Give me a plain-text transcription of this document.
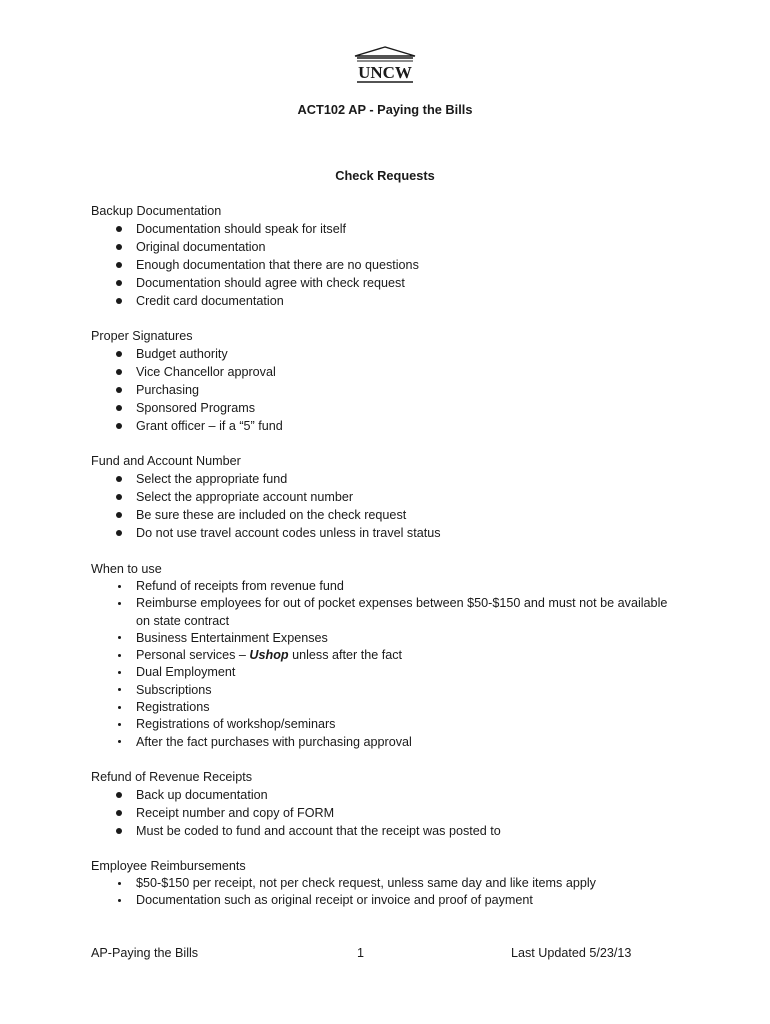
UNCW
ACT102 AP - Paying the Bills
Check Requests
Backup Documentation
Documentation should speak for itself
Original documentation
Enough documentation that there are no questions
Documentation should agree with check request
Credit card documentation
Proper Signatures
Budget authority
Vice Chancellor approval
Purchasing
Sponsored Programs
Grant officer – if a “5” fund
Fund and Account Number
Select the appropriate fund
Select the appropriate account number
Be sure these are included on the check request
Do not use travel account codes unless in travel status
When to use
Refund of receipts from revenue fund
Reimburse employees for out of pocket expenses between $50-$150 and must not be available
on state contract
Business Entertainment Expenses
Personal services – Ushop unless after the fact
Dual Employment
Subscriptions
Registrations
Registrations of workshop/seminars
After the fact purchases with purchasing approval
Refund of Revenue Receipts
Back up documentation
Receipt number and copy of FORM
Must be coded to fund and account that the receipt was posted to
Employee Reimbursements
$50-$150 per receipt, not per check request, unless same day and like items apply
Documentation such as original receipt or invoice and proof of payment
AP-Paying the Bills	1	Last Updated 5/23/13
